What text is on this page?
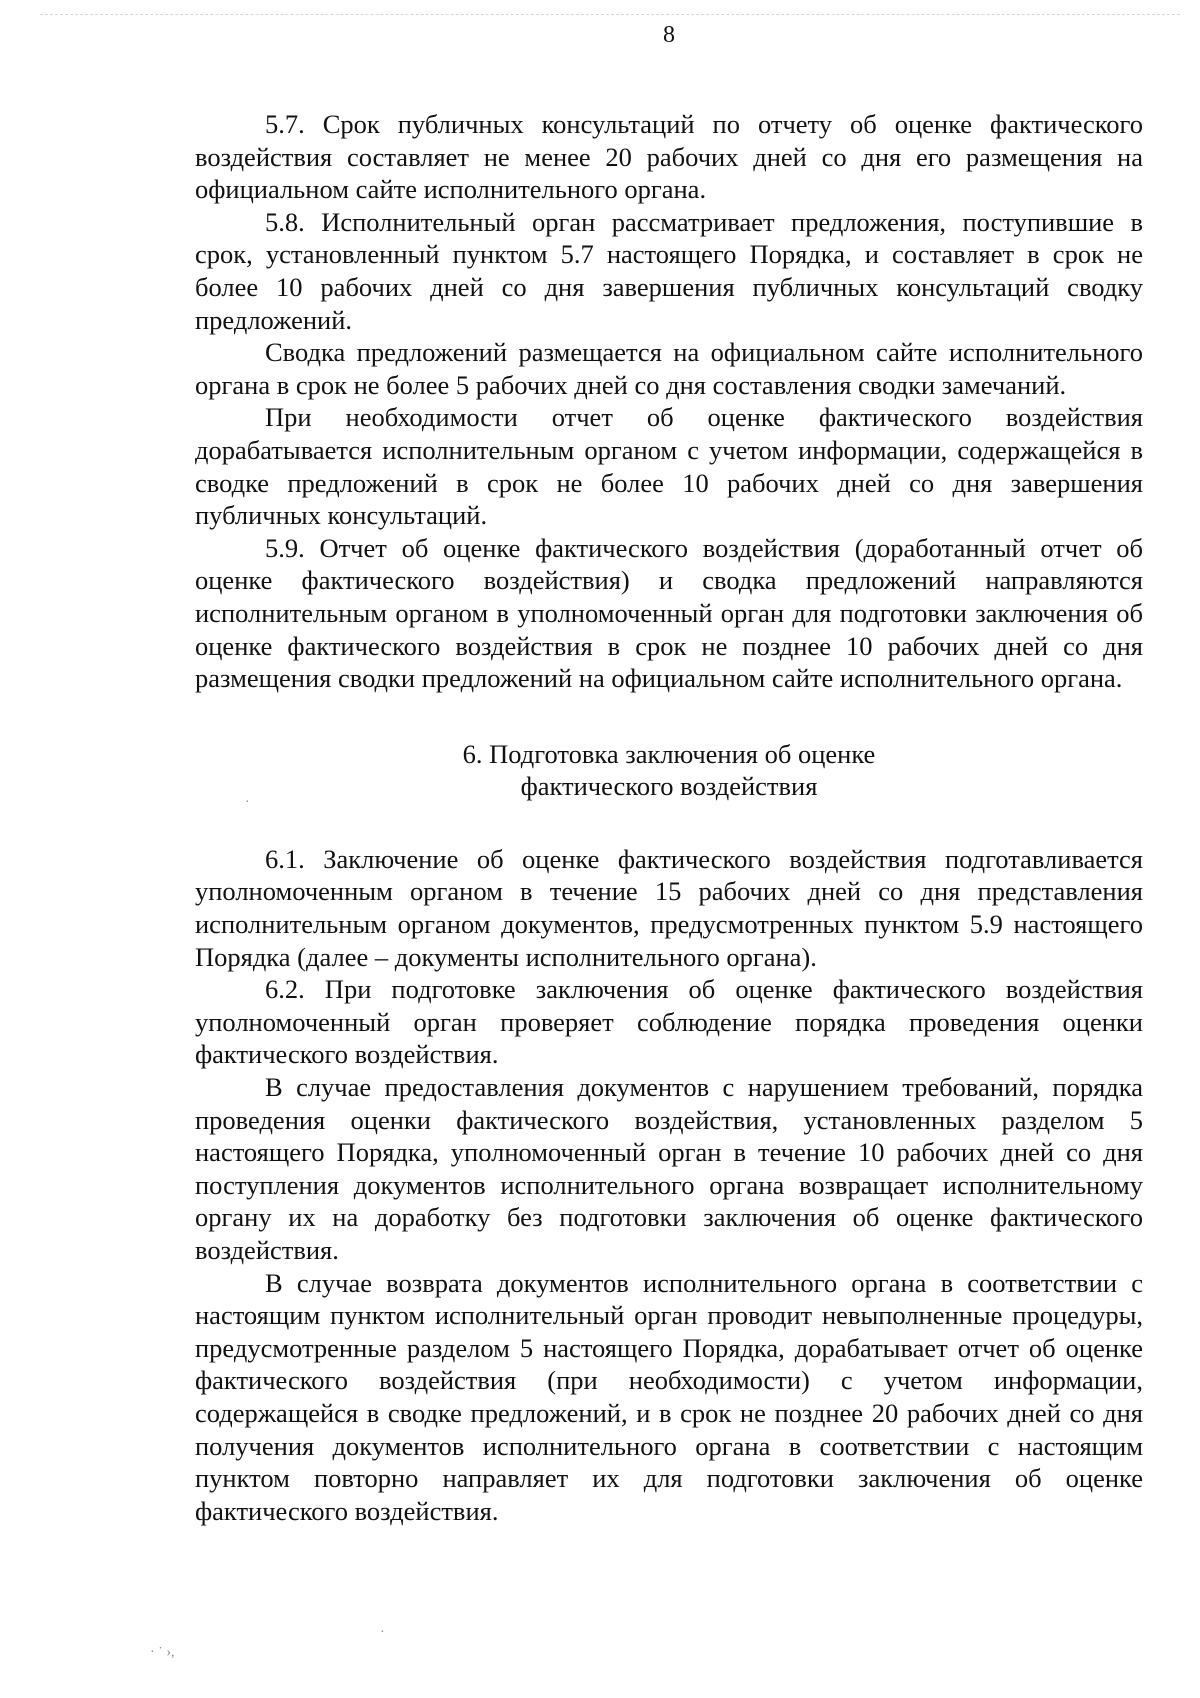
8

5.7. Срок публичных консультаций по отчету об оценке фактического воздействия составляет не менее 20 рабочих дней со дня его размещения на официальном сайте исполнительного органа.

5.8. Исполнительный орган рассматривает предложения, поступившие в срок, установленный пунктом 5.7 настоящего Порядка, и составляет в срок не более 10 рабочих дней со дня завершения публичных консультаций сводку предложений.

Сводка предложений размещается на официальном сайте исполнительного органа в срок не более 5 рабочих дней со дня составления сводки замечаний.

При необходимости отчет об оценке фактического воздействия дорабатывается исполнительным органом с учетом информации, содержащейся в сводке предложений в срок не более 10 рабочих дней со дня завершения публичных консультаций.

5.9. Отчет об оценке фактического воздействия (доработанный отчет об оценке фактического воздействия) и сводка предложений направляются исполнительным органом в уполномоченный орган для подготовки заключения об оценке фактического воздействия в срок не позднее 10 рабочих дней со дня размещения сводки предложений на официальном сайте исполнительного органа.

6. Подготовка заключения об оценке
фактического воздействия

6.1. Заключение об оценке фактического воздействия подготавливается уполномоченным органом в течение 15 рабочих дней со дня представления исполнительным органом документов, предусмотренных пунктом 5.9 настоящего Порядка (далее – документы исполнительного органа).

6.2. При подготовке заключения об оценке фактического воздействия уполномоченный орган проверяет соблюдение порядка проведения оценки фактического воздействия.

В случае предоставления документов с нарушением требований, порядка проведения оценки фактического воздействия, установленных разделом 5 настоящего Порядка, уполномоченный орган в течение 10 рабочих дней со дня поступления документов исполнительного органа возвращает исполнительному органу их на доработку без подготовки заключения об оценке фактического воздействия.

В случае возврата документов исполнительного органа в соответствии с настоящим пунктом исполнительный орган проводит невыполненные процедуры, предусмотренные разделом 5 настоящего Порядка, дорабатывает отчет об оценке фактического воздействия (при необходимости) с учетом информации, содержащейся в сводке предложений, и в срок не позднее 20 рабочих дней со дня получения документов исполнительного органа в соответствии с настоящим пунктом повторно направляет их для подготовки заключения об оценке фактического воздействия.

· ˙ ›,
·
·
